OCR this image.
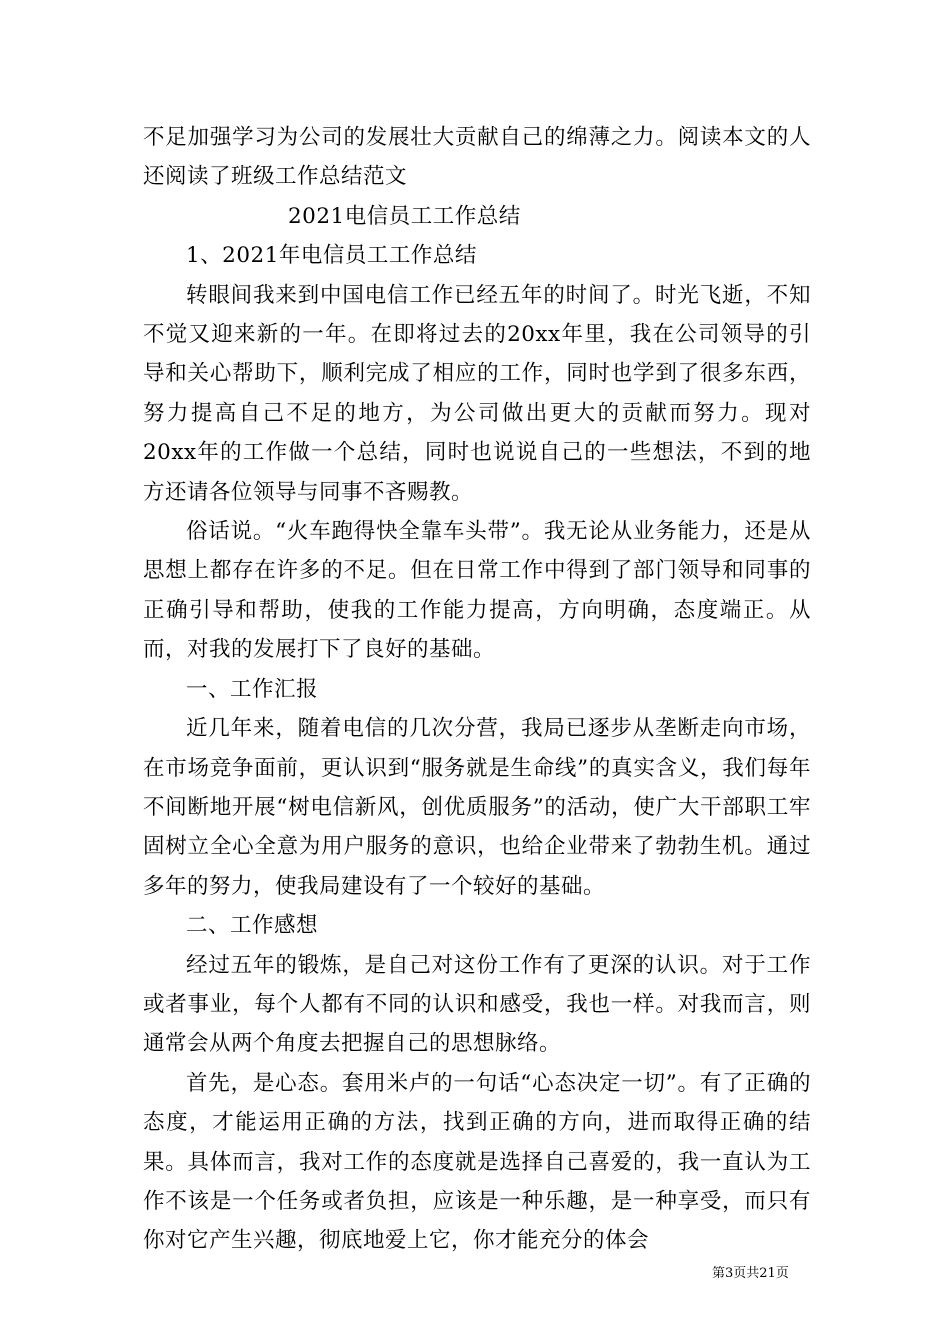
不足加强学习为公司的发展壮大贡献自己的绵薄之力。阅读本文的人还阅读了班级工作总结范文

2021电信员工工作总结

1、2021年电信员工工作总结

转眼间我来到中国电信工作已经五年的时间了。时光飞逝，不知不觉又迎来新的一年。在即将过去的20xx年里，我在公司领导的引导和关心帮助下，顺利完成了相应的工作，同时也学到了很多东西，努力提高自己不足的地方，为公司做出更大的贡献而努力。现对20xx年的工作做一个总结，同时也说说自己的一些想法，不到的地方还请各位领导与同事不吝赐教。

俗话说。“火车跑得快全靠车头带”。我无论从业务能力，还是从思想上都存在许多的不足。但在日常工作中得到了部门领导和同事的正确引导和帮助，使我的工作能力提高，方向明确，态度端正。从而，对我的发展打下了良好的基础。

一、工作汇报

近几年来，随着电信的几次分营，我局已逐步从垄断走向市场，在市场竞争面前，更认识到“服务就是生命线”的真实含义，我们每年不间断地开展“树电信新风，创优质服务”的活动，使广大干部职工牢固树立全心全意为用户服务的意识，也给企业带来了勃勃生机。通过多年的努力，使我局建设有了一个较好的基础。

二、工作感想

经过五年的锻炼，是自己对这份工作有了更深的认识。对于工作或者事业，每个人都有不同的认识和感受，我也一样。对我而言，则通常会从两个角度去把握自己的思想脉络。

首先，是心态。套用米卢的一句话“心态决定一切”。有了正确的态度，才能运用正确的方法，找到正确的方向，进而取得正确的结果。具体而言，我对工作的态度就是选择自己喜爱的，我一直认为工作不该是一个任务或者负担，应该是一种乐趣，是一种享受，而只有你对它产生兴趣，彻底地爱上它，你才能充分的体会

第3页共21页
